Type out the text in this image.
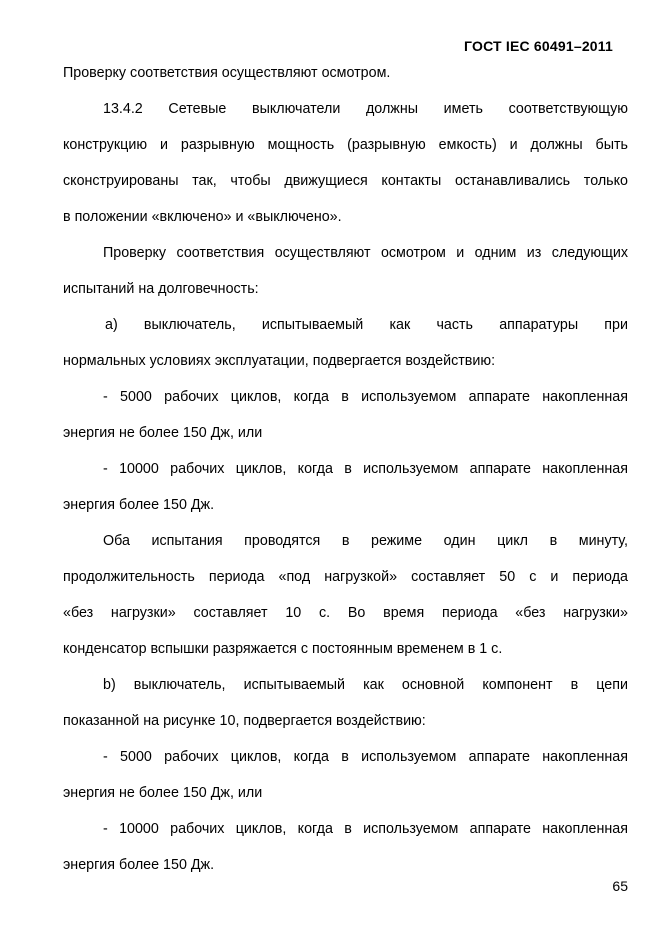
ГОСТ IEC 60491–2011
Проверку соответствия осуществляют осмотром.
13.4.2 Сетевые выключатели должны иметь соответствующую
конструкцию и разрывную мощность (разрывную емкость) и должны быть
сконструированы так, чтобы движущиеся контакты останавливались только
в положении «включено» и «выключено».
Проверку соответствия осуществляют осмотром и одним из следующих
испытаний на долговечность:
а) выключатель, испытываемый как часть аппаратуры при
нормальных условиях эксплуатации, подвергается воздействию:
- 5000 рабочих циклов, когда в используемом аппарате накопленная
энергия не более 150 Дж, или
- 10000 рабочих циклов, когда в используемом аппарате накопленная
энергия более 150 Дж.
Оба испытания проводятся в режиме один цикл в минуту,
продолжительность периода «под нагрузкой» составляет 50 с и периода
«без нагрузки» составляет 10 с. Во время периода «без нагрузки»
конденсатор вспышки разряжается с постоянным временем в 1 с.
b) выключатель, испытываемый как основной компонент в цепи
показанной на рисунке 10, подвергается воздействию:
- 5000 рабочих циклов, когда в используемом аппарате накопленная
энергия не более 150 Дж, или
- 10000 рабочих циклов, когда в используемом аппарате накопленная
энергия более 150 Дж.
65
